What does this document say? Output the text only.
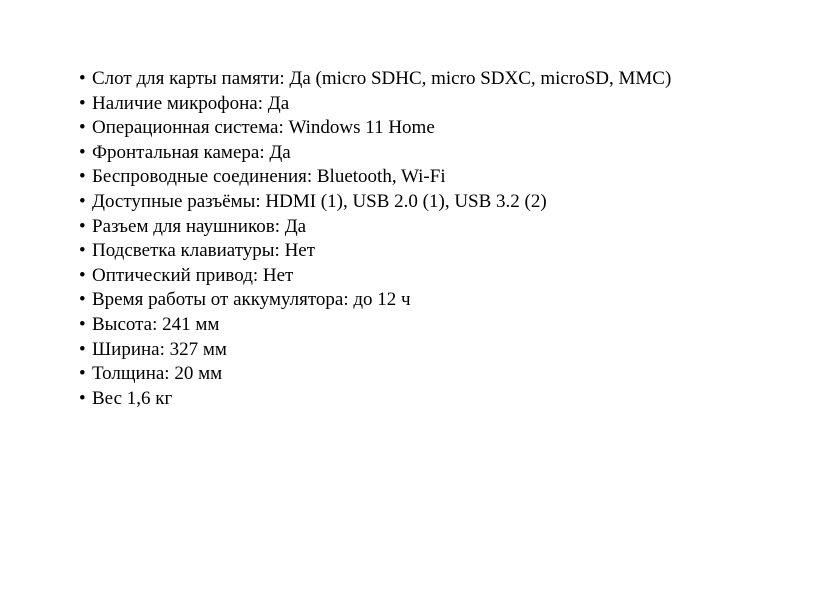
• Слот для карты памяти: Да (micro SDHC, micro SDXC, microSD, MMC)
• Наличие микрофона: Да
• Операционная система: Windows 11 Home
• Фронтальная камера: Да
• Беспроводные соединения: Bluetooth, Wi-Fi
• Доступные разъёмы: HDMI (1), USB 2.0 (1), USB 3.2 (2)
• Разъем для наушников: Да
• Подсветка клавиатуры: Нет
• Оптический привод: Нет
• Время работы от аккумулятора: до 12 ч
• Высота: 241 мм
• Ширина: 327 мм
• Толщина: 20 мм
• Вес 1,6 кг
